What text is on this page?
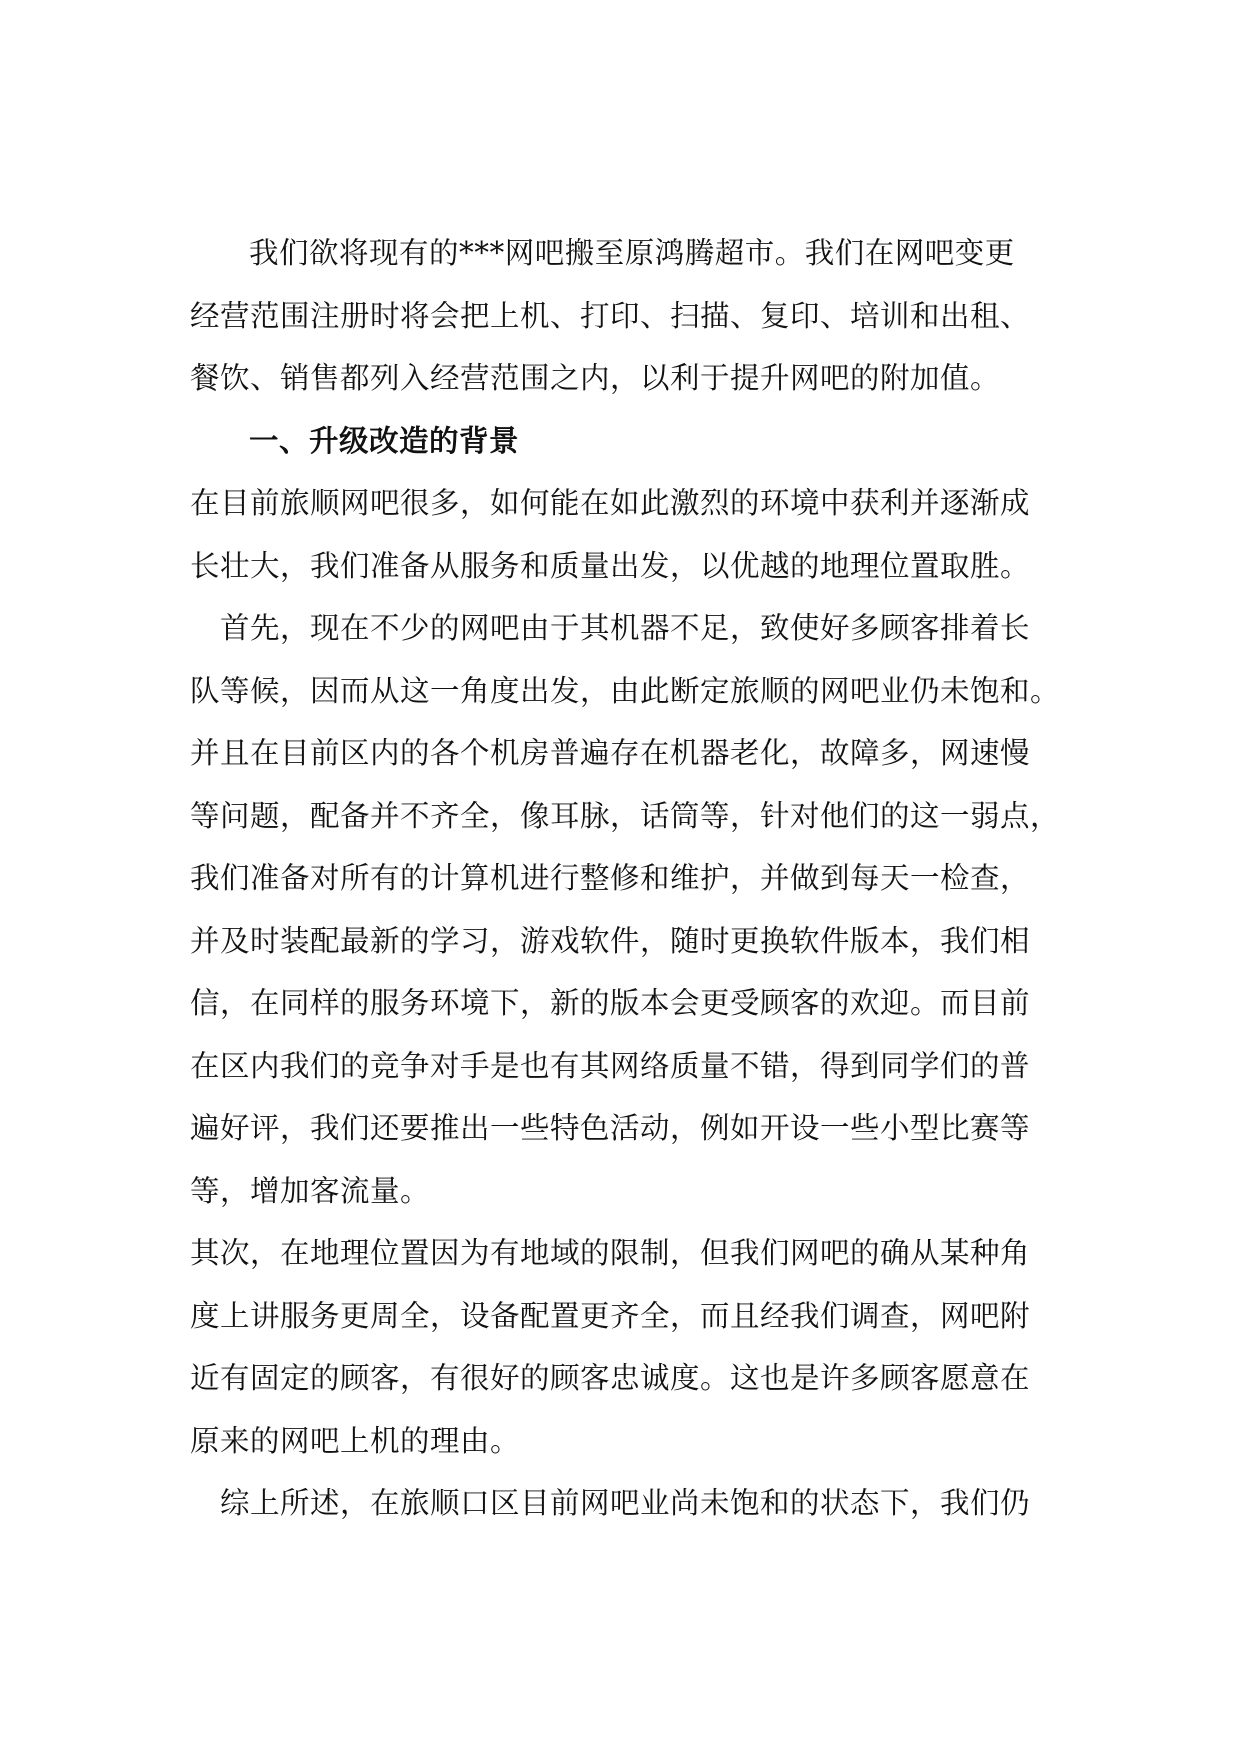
我们欲将现有的***网吧搬至原鸿腾超市。我们在网吧变更
经营范围注册时将会把上机、打印、扫描、复印、培训和出租、
餐饮、销售都列入经营范围之内，以利于提升网吧的附加值。
一、升级改造的背景
在目前旅顺网吧很多，如何能在如此激烈的环境中获利并逐渐成
长壮大，我们准备从服务和质量出发，以优越的地理位置取胜。
首先，现在不少的网吧由于其机器不足，致使好多顾客排着长
队等候，因而从这一角度出发，由此断定旅顺的网吧业仍未饱和。
并且在目前区内的各个机房普遍存在机器老化，故障多，网速慢
等问题，配备并不齐全，像耳脉，话筒等，针对他们的这一弱点，
我们准备对所有的计算机进行整修和维护，并做到每天一检查，
并及时装配最新的学习，游戏软件，随时更换软件版本，我们相
信，在同样的服务环境下，新的版本会更受顾客的欢迎。而目前
在区内我们的竞争对手是也有其网络质量不错，得到同学们的普
遍好评，我们还要推出一些特色活动，例如开设一些小型比赛等
等，增加客流量。
其次，在地理位置因为有地域的限制，但我们网吧的确从某种角
度上讲服务更周全，设备配置更齐全，而且经我们调查，网吧附
近有固定的顾客，有很好的顾客忠诚度。这也是许多顾客愿意在
原来的网吧上机的理由。
综上所述，在旅顺口区目前网吧业尚未饱和的状态下，我们仍
